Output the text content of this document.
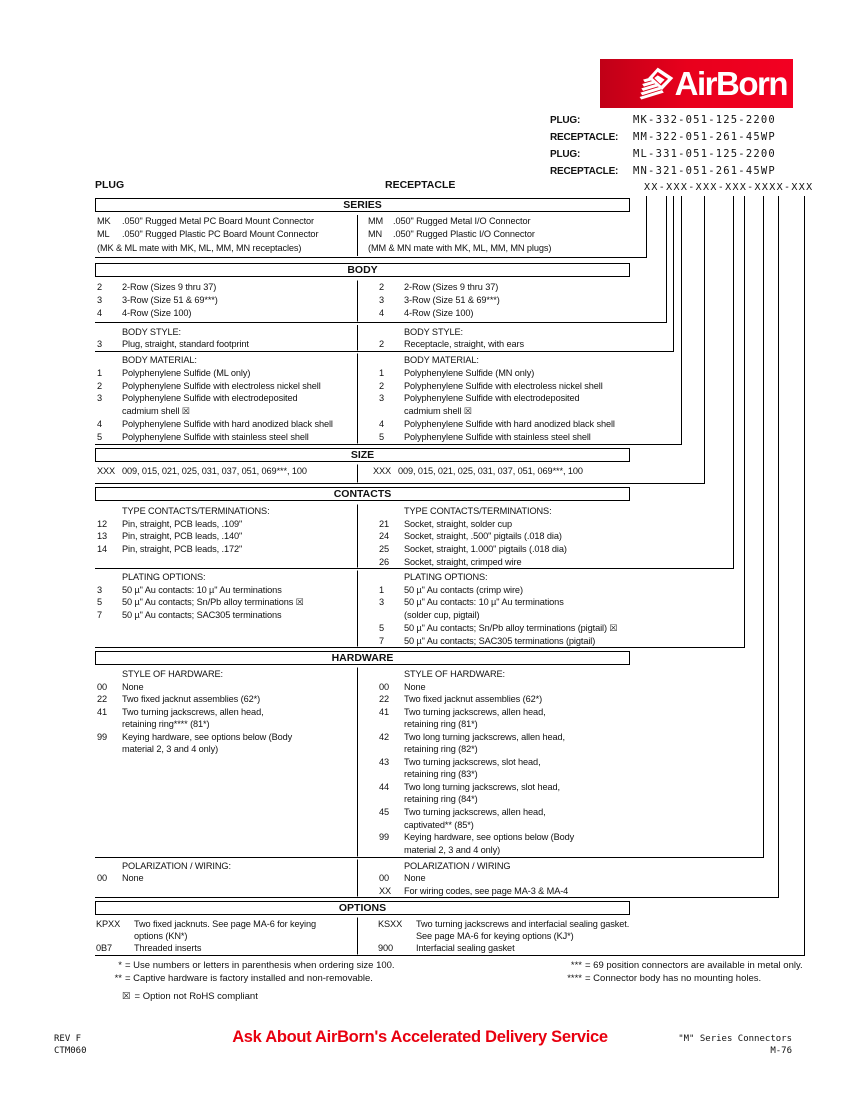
AirBorn
PLUG:	MK-332-051-125-2200
RECEPTACLE:	MM-322-051-261-45WP
PLUG:	ML-331-051-125-2200
RECEPTACLE:	MN-321-051-261-45WP
XX-XXX-XXX-XXX-XXXX-XXX
PLUG	RECEPTACLE
SERIES
MK	.050" Rugged Metal PC Board Mount Connector
ML	.050" Rugged Plastic PC Board Mount Connector
(MK & ML mate with MK, ML, MM, MN receptacles)
MM	.050" Rugged Metal I/O Connector
MN	.050" Rugged Plastic I/O Connector
(MM & MN mate with MK, ML, MM, MN plugs)
BODY
2	2-Row (Sizes 9 thru 37)
3	3-Row (Size 51 & 69***)
4	4-Row (Size 100)
2	2-Row (Sizes 9 thru 37)
3	3-Row (Size 51 & 69***)
4	4-Row (Size 100)
BODY STYLE:
3	Plug, straight, standard footprint
BODY STYLE:
2	Receptacle, straight, with ears
BODY MATERIAL:
1	Polyphenylene Sulfide (ML only)
2	Polyphenylene Sulfide with electroless nickel shell
3	Polyphenylene Sulfide with electrodeposited
cadmium shell ☒
4	Polyphenylene Sulfide with hard anodized black shell
5	Polyphenylene Sulfide with stainless steel shell
BODY MATERIAL:
1	Polyphenylene Sulfide (MN only)
2	Polyphenylene Sulfide with electroless nickel shell
3	Polyphenylene Sulfide with electrodeposited
cadmium shell ☒
4	Polyphenylene Sulfide with hard anodized black shell
5	Polyphenylene Sulfide with stainless steel shell
SIZE
XXX 009, 015, 021, 025, 031, 037, 051, 069***, 100	XXX 009, 015, 021, 025, 031, 037, 051, 069***, 100
CONTACTS
TYPE CONTACTS/TERMINATIONS:
12	Pin, straight, PCB leads, .109"
13	Pin, straight, PCB leads, .140"
14	Pin, straight, PCB leads, .172"
TYPE CONTACTS/TERMINATIONS:
21	Socket, straight, solder cup
24	Socket, straight, .500" pigtails (.018 dia)
25	Socket, straight, 1.000" pigtails (.018 dia)
26	Socket, straight, crimped wire
PLATING OPTIONS:
3	50 µ" Au contacts: 10 µ" Au terminations
5	50 µ" Au contacts; Sn/Pb alloy terminations ☒
7	50 µ" Au contacts; SAC305 terminations
PLATING OPTIONS:
1	50 µ" Au contacts (crimp wire)
3	50 µ" Au contacts: 10 µ" Au terminations
(solder cup, pigtail)
5	50 µ" Au contacts; Sn/Pb alloy terminations (pigtail) ☒
7	50 µ" Au contacts; SAC305 terminations (pigtail)
HARDWARE
STYLE OF HARDWARE:
00	None
22	Two fixed jacknut assemblies (62*)
41	Two turning jackscrews, allen head,
retaining ring**** (81*)
99	Keying hardware, see options below (Body
material 2, 3 and 4 only)
STYLE OF HARDWARE:
00	None
22	Two fixed jacknut assemblies (62*)
41	Two turning jackscrews, allen head,
retaining ring (81*)
42	Two long turning jackscrews, allen head,
retaining ring (82*)
43	Two turning jackscrews, slot head,
retaining ring (83*)
44	Two long turning jackscrews, slot head,
retaining ring (84*)
45	Two turning jackscrews, allen head,
captivated** (85*)
99	Keying hardware, see options below (Body
material 2, 3 and 4 only)
POLARIZATION / WIRING:
00	None
POLARIZATION / WIRING
00	None
XX	For wiring codes, see page MA-3 & MA-4
OPTIONS
KPXX	Two fixed jacknuts. See page MA-6 for keying
options (KN*)
0B7	Threaded inserts
KSXX	Two turning jackscrews and interfacial sealing gasket.
See page MA-6 for keying options (KJ*)
900	Interfacial sealing gasket
* = Use numbers or letters in parenthesis when ordering size 100.
** = Captive hardware is factory installed and non-removable.
*** = 69 position connectors are available in metal only.
**** = Connector body has no mounting holes.
☒ = Option not RoHS compliant
REV F
CTM060
Ask About AirBorn's Accelerated Delivery Service	"M" Series Connectors
M-76
